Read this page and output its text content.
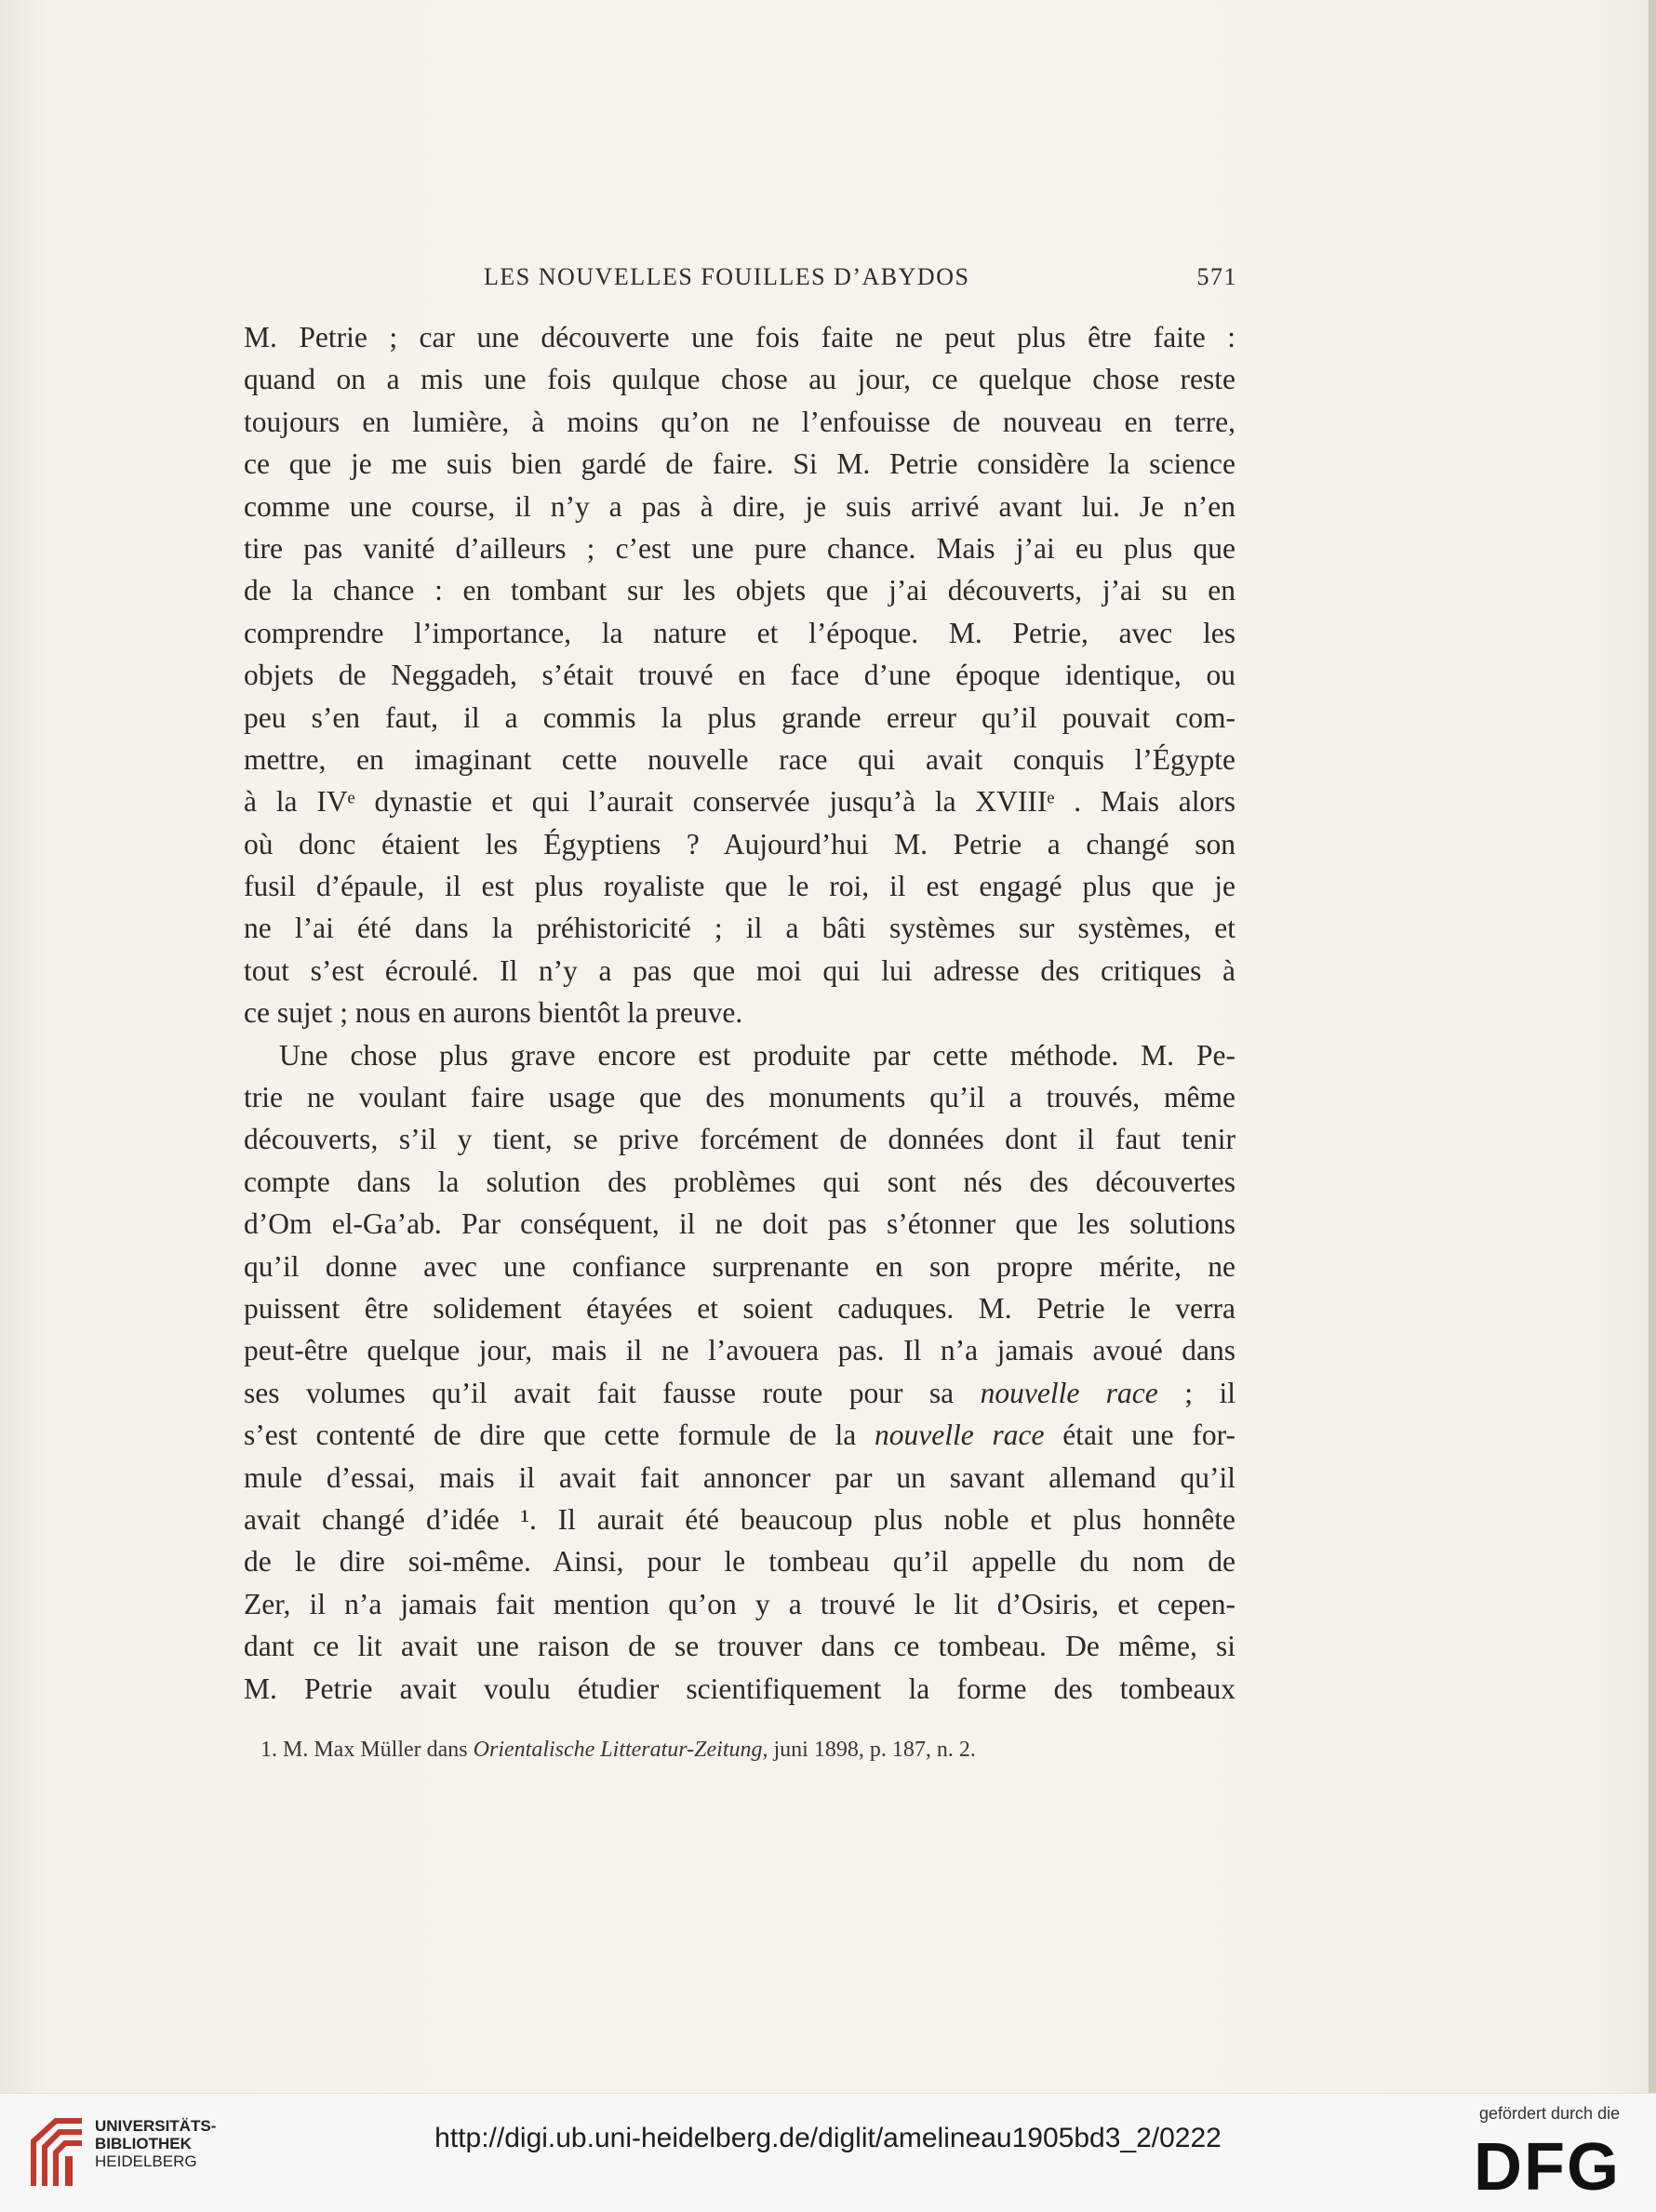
LES NOUVELLES FOUILLES D’ABYDOS	571
M. Petrie ; car une découverte une fois faite ne peut plus être faite :
quand on a mis une fois quılque chose au jour, ce quelque chose reste
toujours en lumière, à moins qu’on ne l’enfouisse de nouveau en terre,
ce que je me suis bien gardé de faire. Si M. Petrie considère la science
comme une course, il n’y a pas à dire, je suis arrivé avant lui. Je n’en
tire pas vanité d’ailleurs ; c’est une pure chance. Mais j’ai eu plus que
de la chance : en tombant sur les objets que j’ai découverts, j’ai su en
comprendre l’importance, la nature et l’époque. M. Petrie, avec les
objets de Neggadeh, s’était trouvé en face d’une époque identique, ou
peu s’en faut, il a commis la plus grande erreur qu’il pouvait com-
mettre, en imaginant cette nouvelle race qui avait conquis l’Égypte
à la IVᵉ dynastie et qui l’aurait conservée jusqu’à la XVIIIᵉ . Mais alors
où donc étaient les Égyptiens ? Aujourd’hui M. Petrie a changé son
fusil d’épaule, il est plus royaliste que le roi, il est engagé plus que je
ne l’ai été dans la préhistoricité ; il a bâti systèmes sur systèmes, et
tout s’est écroulé. Il n’y a pas que moi qui lui adresse des critiques à
ce sujet ; nous en aurons bientôt la preuve.
Une chose plus grave encore est produite par cette méthode. M. Pe-
trie ne voulant faire usage que des monuments qu’il a trouvés, même
découverts, s’il y tient, se prive forcément de données dont il faut tenir
compte dans la solution des problèmes qui sont nés des découvertes
d’Om el-Ga’ab. Par conséquent, il ne doit pas s’étonner que les solutions
qu’il donne avec une confiance surprenante en son propre mérite, ne
puissent être solidement étayées et soient caduques. M. Petrie le verra
peut-être quelque jour, mais il ne l’avouera pas. Il n’a jamais avoué dans
ses volumes qu’il avait fait fausse route pour sa nouvelle race ; il
s’est contenté de dire que cette formule de la nouvelle race était une for-
mule d’essai, mais il avait fait annoncer par un savant allemand qu’il
avait changé d’idée ¹. Il aurait été beaucoup plus noble et plus honnête
de le dire soi-même. Ainsi, pour le tombeau qu’il appelle du nom de
Zer, il n’a jamais fait mention qu’on y a trouvé le lit d’Osiris, et cepen-
dant ce lit avait une raison de se trouver dans ce tombeau. De même, si
M. Petrie avait voulu étudier scientifiquement la forme des tombeaux
1. M. Max Müller dans Orientalische Litteratur-Zeitung, juni 1898, p. 187, n. 2.
UNIVERSITÄTS-
BIBLIOTHEK
HEIDELBERG
http://digi.ub.uni-heidelberg.de/diglit/amelineau1905bd3_2/0222
gefördert durch die
DFG
